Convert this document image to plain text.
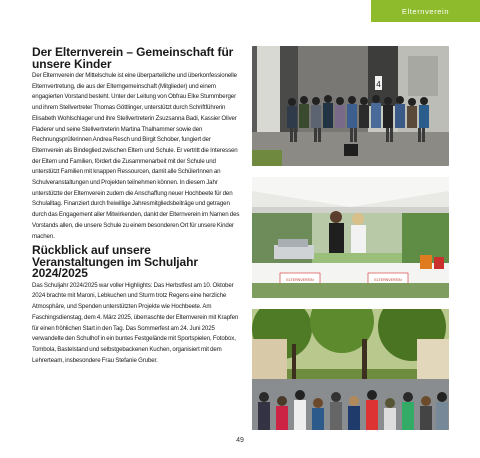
Elternverein
Der Elternverein – Gemeinschaft für unsere Kinder

Der Elternverein der Mittelschule ist eine überparteiliche und überkonfessionelle Elternvertretung, die aus der Elterngemeinschaft (Mitglieder) und einem engagierten Vorstand besteht. Unter der Leitung von Obfrau Elke Stummberger und ihrem Stellvertreter Thomas Göttlinger, unterstützt durch Schriftführerin Elisabeth Wohlschlager und ihre Stellvertreterin Zsuzsanna Badi, Kassier Oliver Fladerer und seine Stellvertreterin Martina Thalhammer sowie den Rechnungsprüferinnen Andrea Resch und Birgit Schober, fungiert der Elternverein als Bindeglied zwischen Eltern und Schule. Er vertritt die Interessen der Eltern und Familien, fördert die Zusammenarbeit mit der Schule und unterstützt Familien mit knappen Ressourcen, damit alle SchülerInnen an Schulveranstaltungen und Projekten teilnehmen können. In diesem Jahr unterstützte der Elternverein zudem die Anschaffung neuer Hochbeete für den Schulalltag. Finanziert durch freiwillige Jahresmitgliedsbeiträge und getragen durch das Engagement aller Mitwirkenden, dankt der Elternverein im Namen des Vorstands allen, die unsere Schule zu einem besonderen Ort für unsere Kinder machen.

Rückblick auf unsere Veranstaltungen im Schuljahr 2024/2025

Das Schuljahr 2024/2025 war voller Highlights: Das Herbstfest am 10. Oktober 2024 brachte mit Maroni, Lebkuchen und Sturm trotz Regens eine herzliche Atmosphäre, und Spenden unterstützten Projekte wie Hochbeete. Am Faschingsdienstag, dem 4. März 2025, überraschte der Elternverein mit Krapfen für einen fröhlichen Start in den Tag. Das Sommerfest am 24. Juni 2025 verwandelte den Schulhof in ein buntes Festgelände mit Sportspielen, Fotobox, Tombola, Bastelstand und selbstgebackenen Kuchen, organisiert mit dem Lehrerteam, insbesondere Frau Stefanie Gruber.

4
ELTERNVEREIN	ELTERNVEREIN
49
